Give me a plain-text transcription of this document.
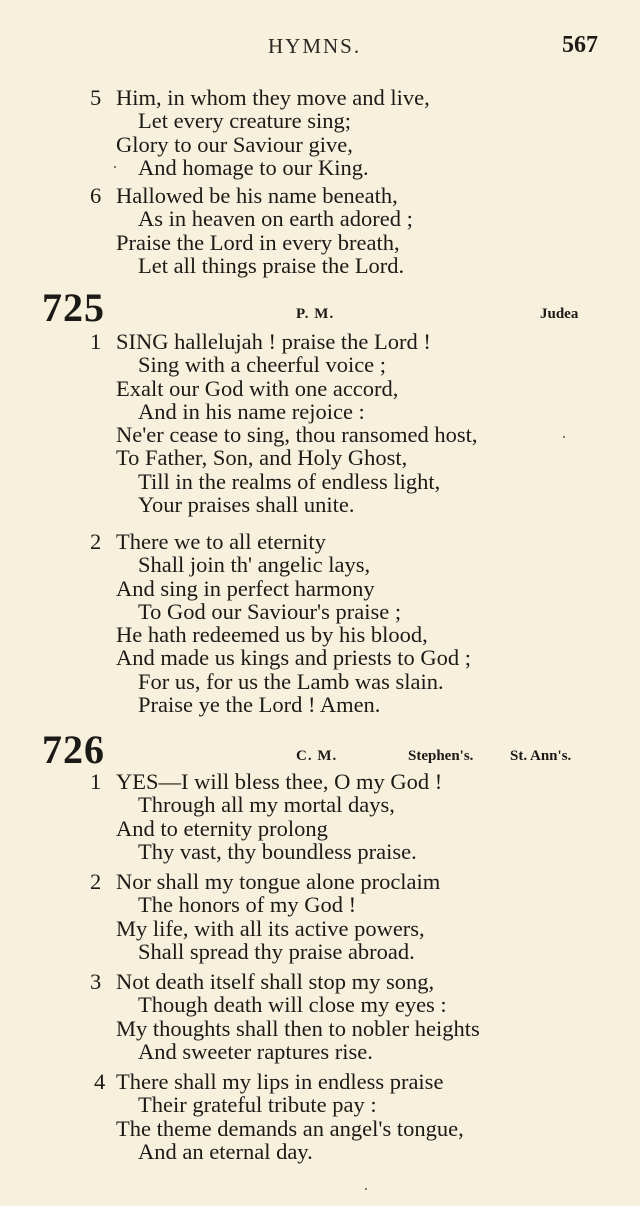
HYMNS.	567
5 Him, in whom they move and live,
Let every creature sing;
Glory to our Saviour give,
And homage to our King.
6 Hallowed be his name beneath,
As in heaven on earth adored ;
Praise the Lord in every breath,
Let all things praise the Lord.
725	P. M.	Judea
1 SING hallelujah ! praise the Lord !
Sing with a cheerful voice ;
Exalt our God with one accord,
And in his name rejoice :
Ne'er cease to sing, thou ransomed host,
To Father, Son, and Holy Ghost,
Till in the realms of endless light,
Your praises shall unite.
2 There we to all eternity
Shall join th' angelic lays,
And sing in perfect harmony
To God our Saviour's praise ;
He hath redeemed us by his blood,
And made us kings and priests to God ;
For us, for us the Lamb was slain.
Praise ye the Lord ! Amen.
726	C. M.	Stephen's. St. Ann's.
1 YES—I will bless thee, O my God !
Through all my mortal days,
And to eternity prolong
Thy vast, thy boundless praise.
2 Nor shall my tongue alone proclaim
The honors of my God !
My life, with all its active powers,
Shall spread thy praise abroad.
3 Not death itself shall stop my song,
Though death will close my eyes :
My thoughts shall then to nobler heights
And sweeter raptures rise.
4 There shall my lips in endless praise
Their grateful tribute pay :
The theme demands an angel's tongue,
And an eternal day.
